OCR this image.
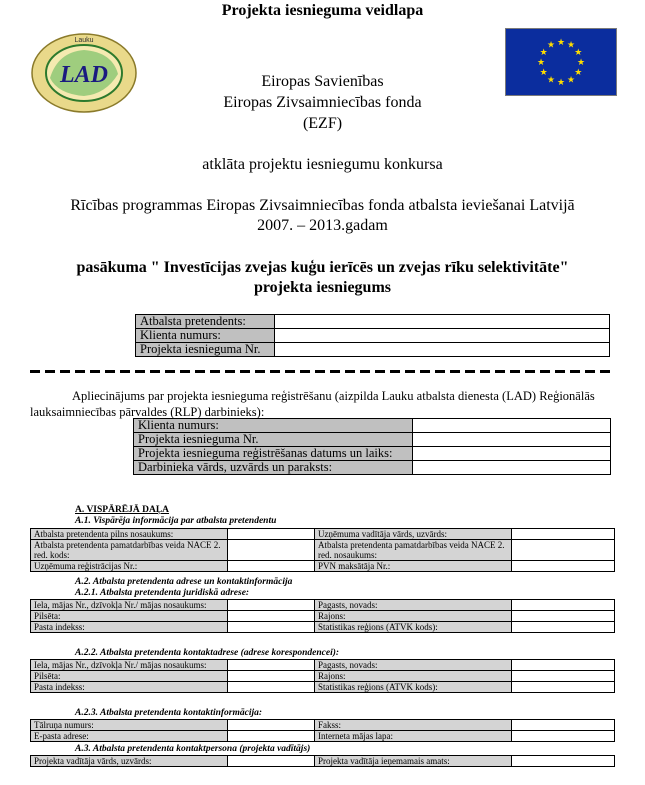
Projekta iesnieguma veidlapa
LAD
Lauku	★ ★
★
★
★
★
★
★
★
★
★
★
Eiropas Savienības
Eiropas Zivsaimniecības fonda
(EZF)
atklāta projektu iesniegumu konkursa
Rīcības programmas Eiropas Zivsaimniecības fonda atbalsta ieviešanai Latvijā
2007. – 2013.gadam
pasākuma " Investīcijas zvejas kuģu ierīcēs un zvejas rīku selektivitāte"
projekta iesniegums
Atbalsta pretendents:	
Klienta numurs:	
Projekta iesnieguma Nr.	
Apliecinājums par projekta iesnieguma reģistrēšanu (aizpilda Lauku atbalsta dienesta (LAD) Reģionālās lauksaimniecības pārvaldes (RLP) darbinieks):
Klienta numurs:	
Projekta iesnieguma Nr.	
Projekta iesnieguma reģistrēšanas datums un laiks:	
Darbinieka vārds, uzvārds un paraksts:	
A. VISPĀRĒJĀ DAĻA
A.1. Vispārēja informācija par atbalsta pretendentu
Atbalsta pretendenta pilns nosaukums:		Uzņēmuma vadītāja vārds, uzvārds:	
Atbalsta pretendenta pamatdarbības veida NACE 2. red. kods:		Atbalsta pretendenta pamatdarbības veida NACE 2. red. nosaukums:	
Uzņēmuma reģistrācijas Nr.:		PVN maksātāja Nr.:	
A.2. Atbalsta pretendenta adrese un kontaktinformācija
A.2.1. Atbalsta pretendenta juridiskā adrese:
Iela, mājas Nr., dzīvokļa Nr./ mājas nosaukums:		Pagasts, novads:	
Pilsēta:		Rajons:	
Pasta indekss:		Statistikas reģions (ATVK kods):	
A.2.2. Atbalsta pretendenta kontaktadrese (adrese korespondencei):
Iela, mājas Nr., dzīvokļa Nr./ mājas nosaukums:		Pagasts, novads:	
Pilsēta:		Rajons:	
Pasta indekss:		Statistikas reģions (ATVK kods):	
A.2.3. Atbalsta pretendenta kontaktinformācija:
Tālruņa numurs:		Fakss:	
E-pasta adrese:		Interneta mājas lapa:	
A.3. Atbalsta pretendenta kontaktpersona (projekta vadītājs)
Projekta vadītāja vārds, uzvārds:		Projekta vadītāja ieņemamais amats:	
